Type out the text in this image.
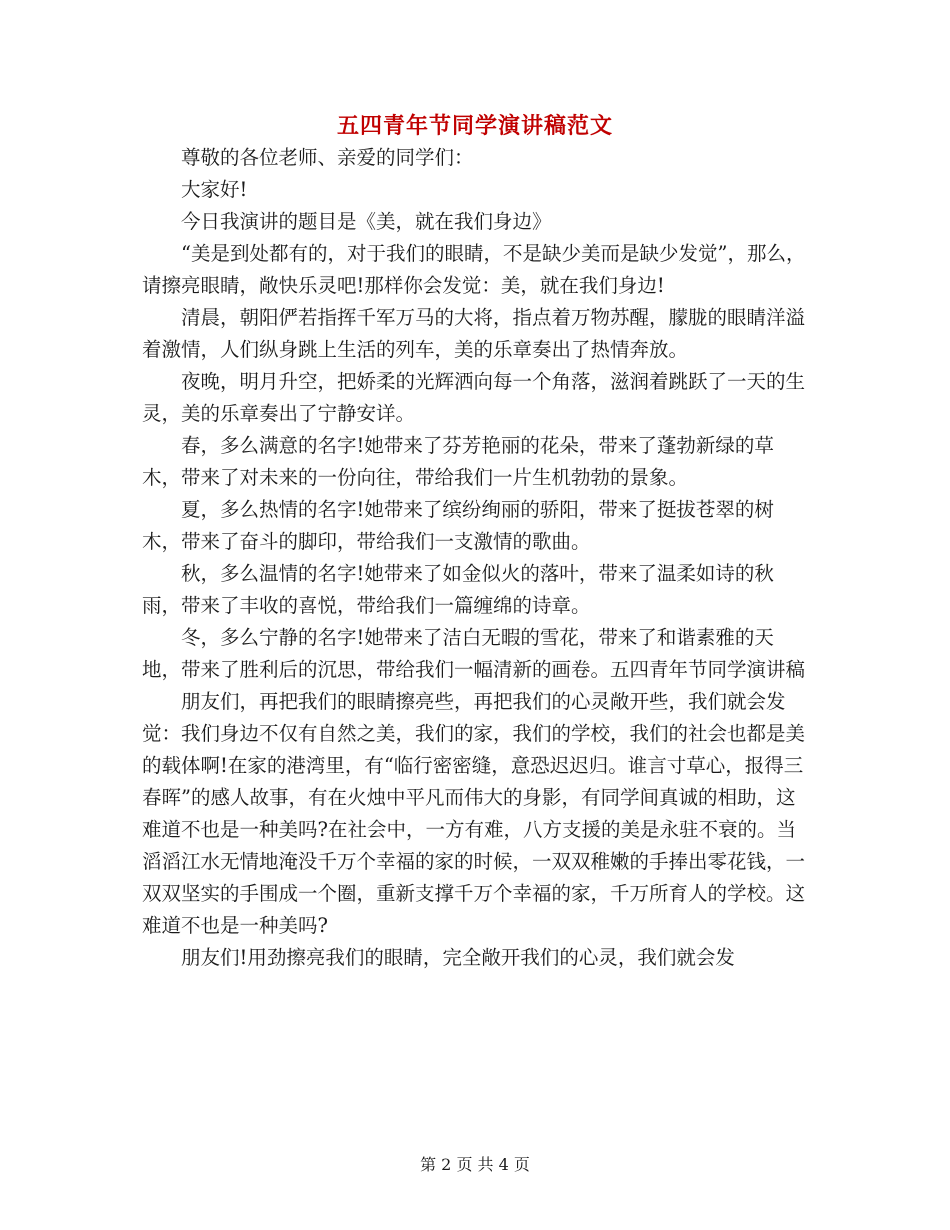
五四青年节同学演讲稿范文

尊敬的各位老师、亲爱的同学们：

大家好!

今日我演讲的题目是《美，就在我们身边》

“美是到处都有的，对于我们的眼睛，不是缺少美而是缺少发觉”，那么，请擦亮眼睛，敞快乐灵吧!那样你会发觉：美，就在我们身边!

清晨，朝阳俨若指挥千军万马的大将，指点着万物苏醒，朦胧的眼睛洋溢着激情，人们纵身跳上生活的列车，美的乐章奏出了热情奔放。

夜晚，明月升空，把娇柔的光辉洒向每一个角落，滋润着跳跃了一天的生灵，美的乐章奏出了宁静安详。

春，多么满意的名字!她带来了芬芳艳丽的花朵，带来了蓬勃新绿的草木，带来了对未来的一份向往，带给我们一片生机勃勃的景象。

夏，多么热情的名字!她带来了缤纷绚丽的骄阳，带来了挺拔苍翠的树木，带来了奋斗的脚印，带给我们一支激情的歌曲。

秋，多么温情的名字!她带来了如金似火的落叶，带来了温柔如诗的秋雨，带来了丰收的喜悦，带给我们一篇缠绵的诗章。

冬，多么宁静的名字!她带来了洁白无暇的雪花，带来了和谐素雅的天地，带来了胜利后的沉思，带给我们一幅清新的画卷。五四青年节同学演讲稿

朋友们，再把我们的眼睛擦亮些，再把我们的心灵敞开些，我们就会发觉：我们身边不仅有自然之美，我们的家，我们的学校，我们的社会也都是美的载体啊!在家的港湾里，有“临行密密缝，意恐迟迟归。谁言寸草心，报得三春晖”的感人故事，有在火烛中平凡而伟大的身影，有同学间真诚的相助，这难道不也是一种美吗?在社会中，一方有难，八方支援的美是永驻不衰的。当滔滔江水无情地淹没千万个幸福的家的时候，一双双稚嫩的手捧出零花钱，一双双坚实的手围成一个圈，重新支撑千万个幸福的家，千万所育人的学校。这难道不也是一种美吗?

朋友们!用劲擦亮我们的眼睛，完全敞开我们的心灵，我们就会发

第 2 页 共 4 页
